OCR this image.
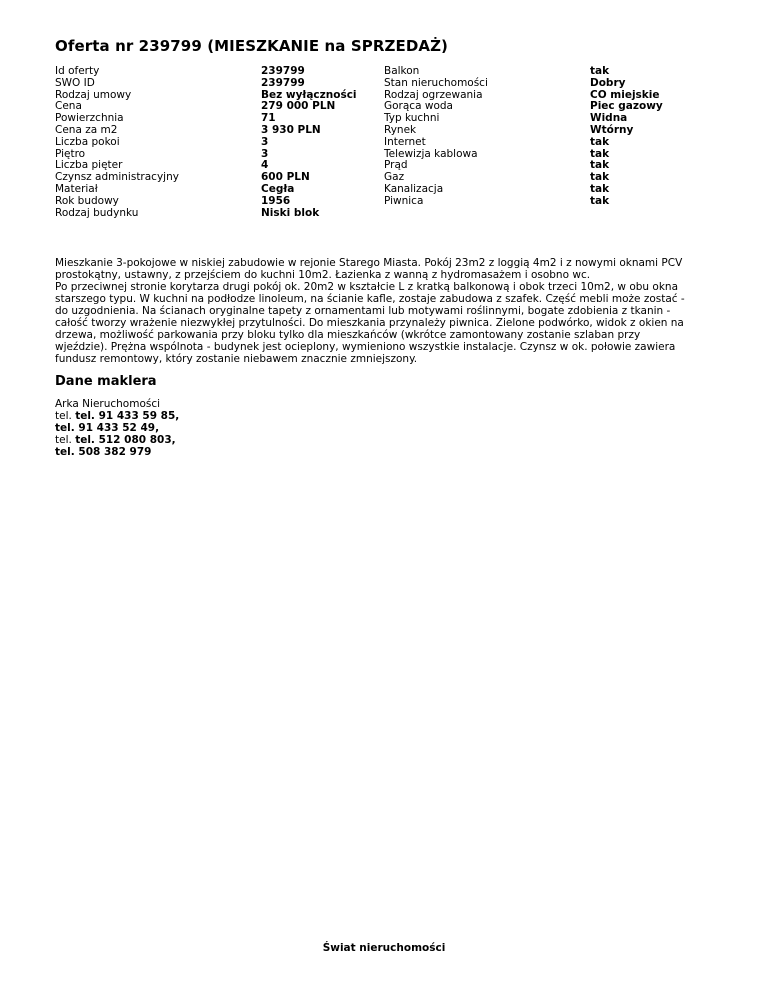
Oferta nr 239799 (MIESZKANIE na SPRZEDAŻ)
Id oferty
SWO ID
Rodzaj umowy
Cena
Powierzchnia
Cena za m2
Liczba pokoi
Piętro
Liczba pięter
Czynsz administracyjny
Materiał
Rok budowy
Rodzaj budynku
239799
239799
Bez wyłączności
279 000 PLN
71
3 930 PLN
3
3
4
600 PLN
Cegła
1956
Niski blok
Balkon
Stan nieruchomości
Rodzaj ogrzewania
Gorąca woda
Typ kuchni
Rynek
Internet
Telewizja kablowa
Prąd
Gaz
Kanalizacja
Piwnica
tak
Dobry
CO miejskie
Piec gazowy
Widna
Wtórny
tak
tak
tak
tak
tak
tak

Mieszkanie 3-pokojowe w niskiej zabudowie w rejonie Starego Miasta. Pokój 23m2 z loggią 4m2 i z nowymi oknami PCV prostokątny, ustawny, z przejściem do kuchni 10m2. Łazienka z wanną z hydromasażem i osobno wc.

Po przeciwnej stronie korytarza drugi pokój ok. 20m2 w kształcie L z kratką balkonową i obok trzeci 10m2, w obu okna starszego typu. W kuchni na podłodze linoleum, na ścianie kafle, zostaje zabudowa z szafek. Część mebli może zostać - do uzgodnienia. Na ścianach oryginalne tapety z ornamentami lub motywami roślinnymi, bogate zdobienia z tkanin - całość tworzy wrażenie niezwykłej przytulności. Do mieszkania przynależy piwnica. Zielone podwórko, widok z okien na drzewa, możliwość parkowania przy bloku tylko dla mieszkańców (wkrótce zamontowany zostanie szlaban przy wjeździe). Prężna wspólnota - budynek jest ocieplony, wymieniono wszystkie instalacje. Czynsz w ok. połowie zawiera fundusz remontowy, który zostanie niebawem znacznie zmniejszony.

Dane maklera
Arka Nieruchomości
tel. tel. 91 433 59 85,
tel. 91 433 52 49,
tel. tel. 512 080 803,
tel. 508 382 979
Świat nieruchomości
